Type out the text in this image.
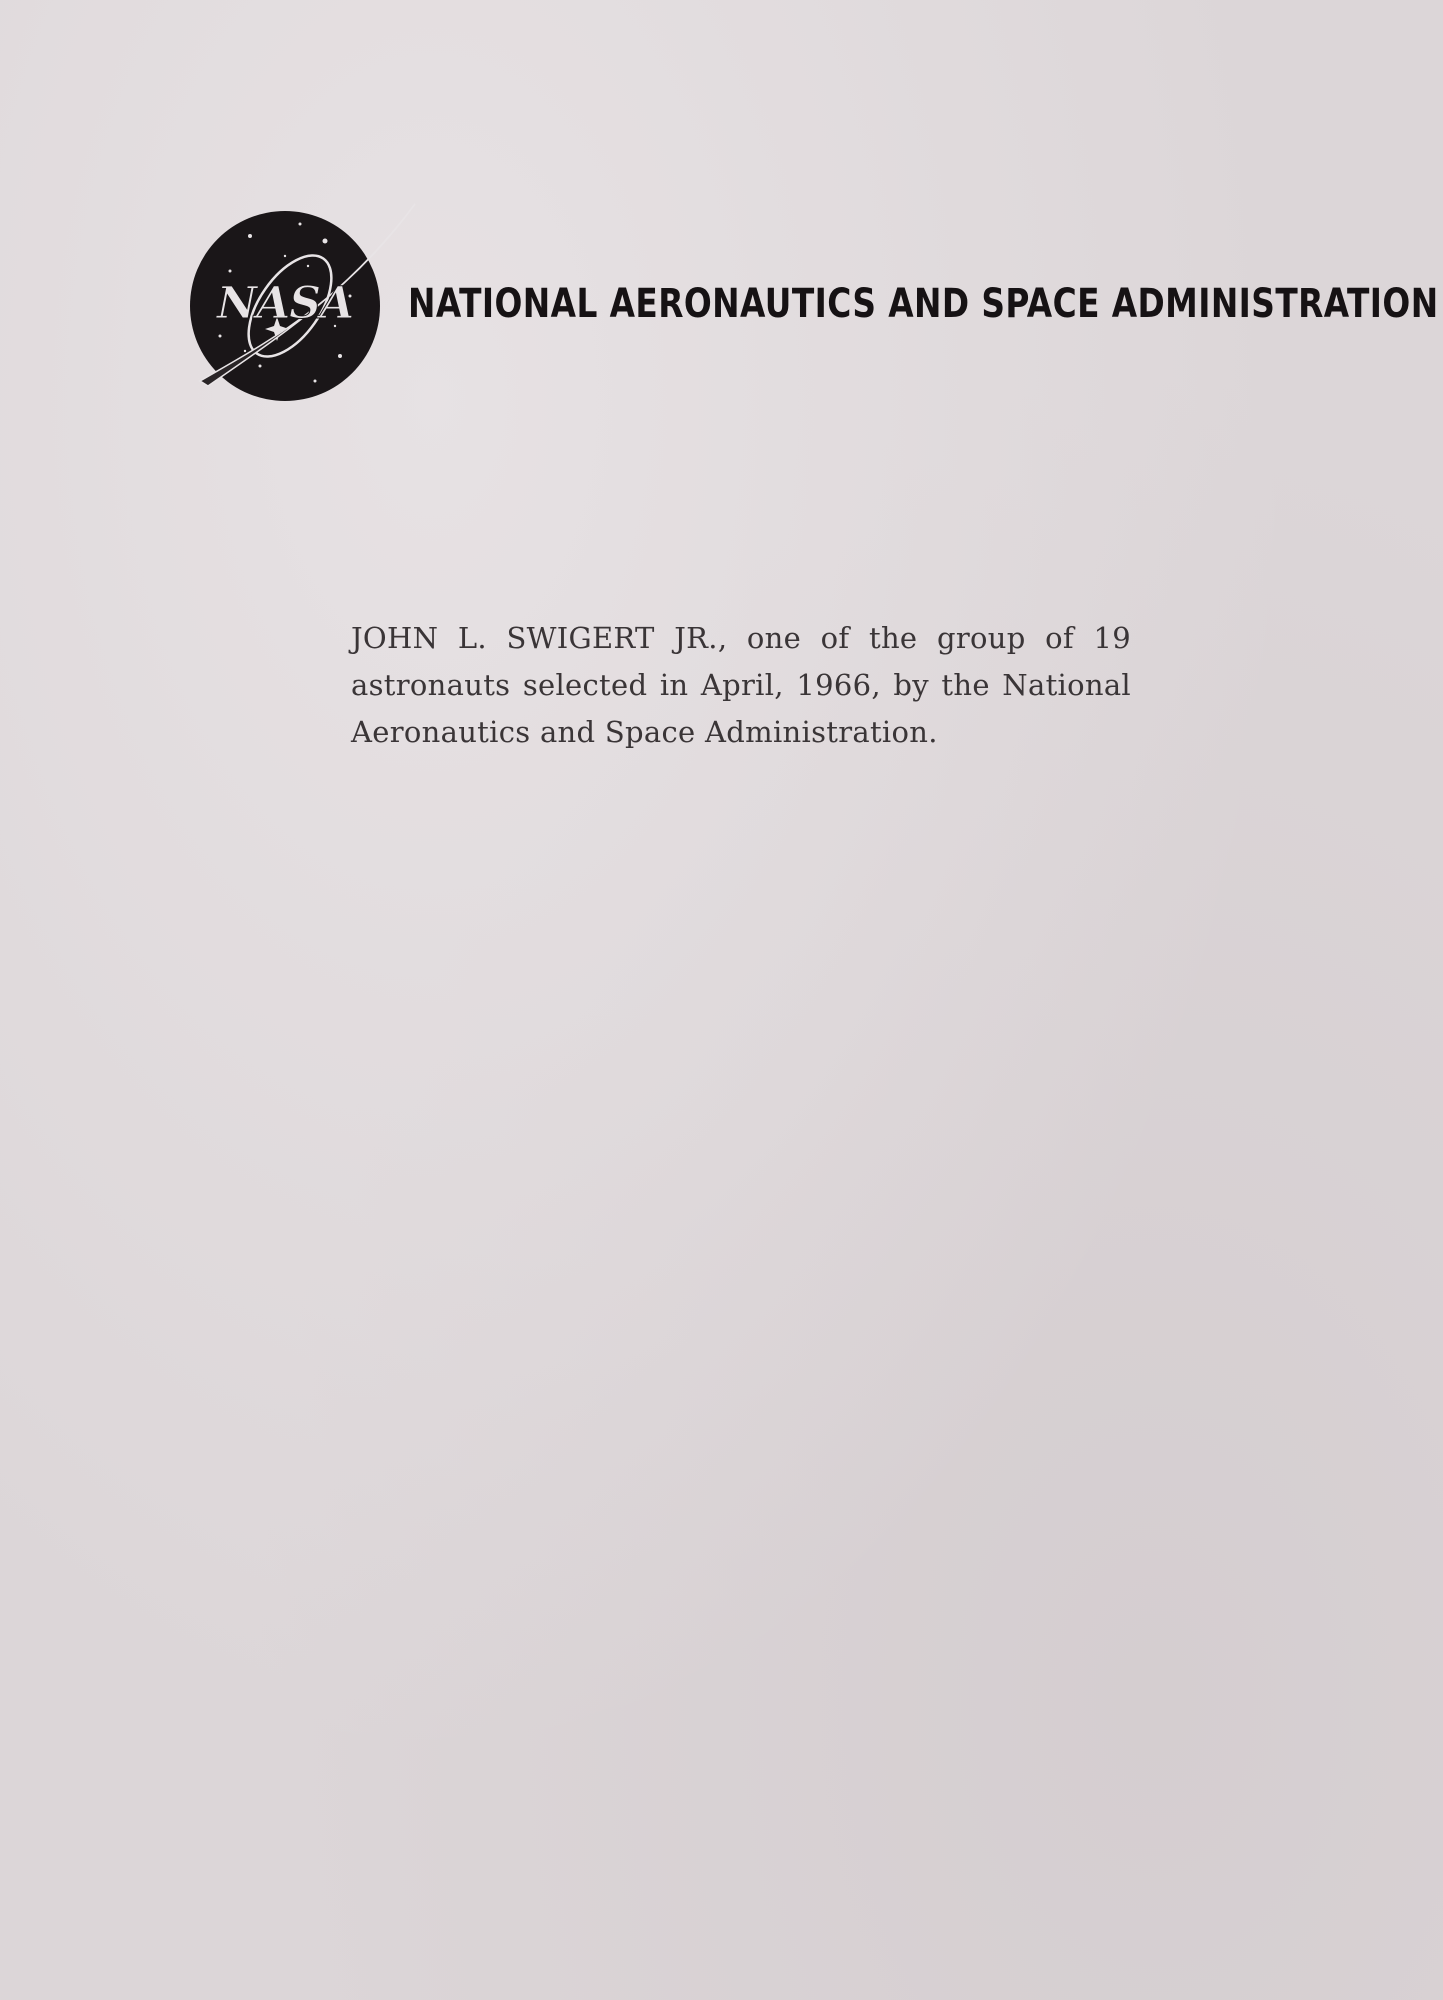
NASA NATIONAL AERONAUTICS AND SPACE ADMINISTRATION

JOHN L. SWIGERT JR., one of the group of 19 astronauts selected in April, 1966, by the National Aeronautics and Space Administration.
